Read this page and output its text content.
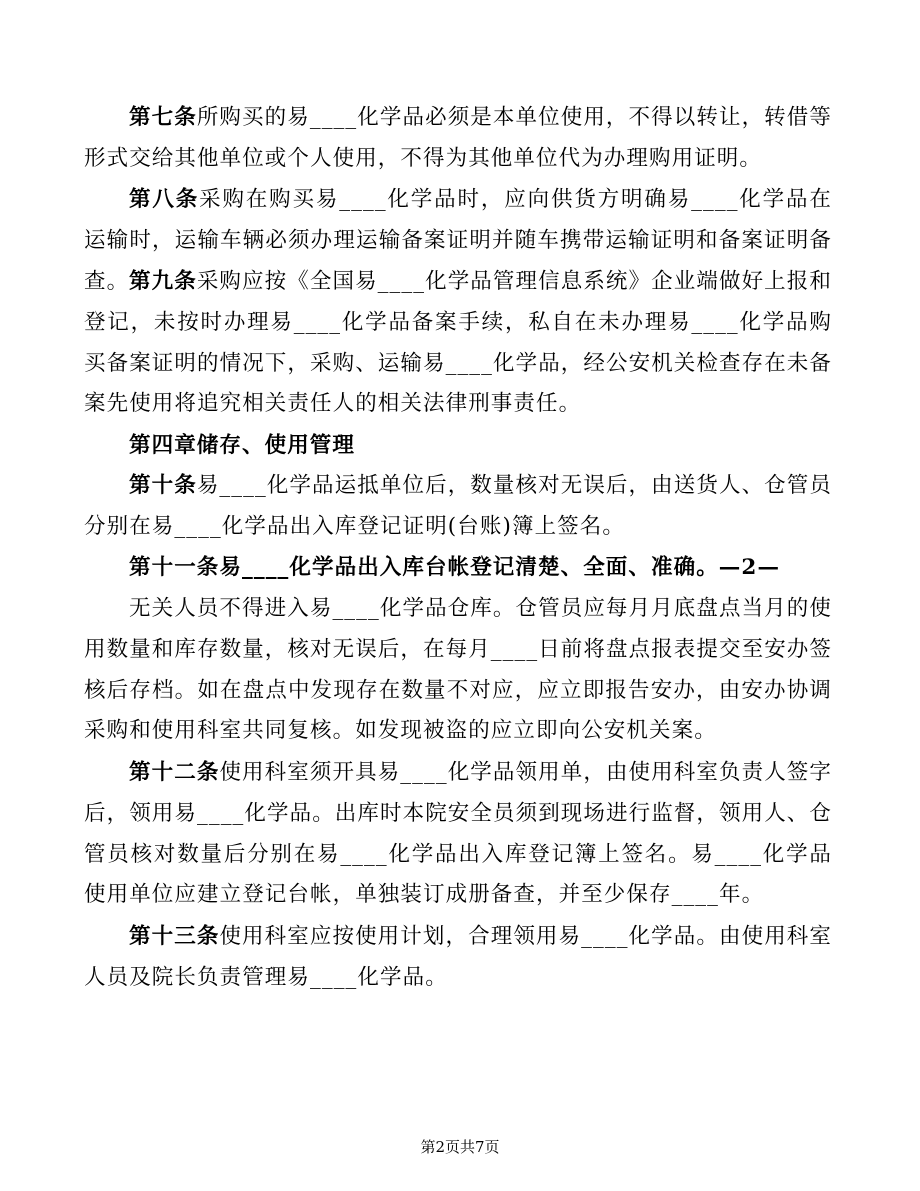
第七条所购买的易____化学品必须是本单位使用，不得以转让，转借等形式交给其他单位或个人使用，不得为其他单位代为办理购用证明。

第八条采购在购买易____化学品时，应向供货方明确易____化学品在运输时，运输车辆必须办理运输备案证明并随车携带运输证明和备案证明备查。 第九条采购应按《全国易____化学品管理信息系统》企业端做好上报和登记，未按时办理易____化学品备案手续，私自在未办理易____化学品购买备案证明的情况下，采购、运输易____化学品，经公安机关检查存在未备案先使用将追究相关责任人的相关法律刑事责任。

第四章储存、使用管理

第十条易____化学品运抵单位后，数量核对无误后，由送货人、仓管员分别在易____化学品出入库登记证明(台账)簿上签名。

第十一条易____化学品出入库台帐登记清楚、全面、准确。—2—

无关人员不得进入易____化学品仓库。仓管员应每月月底盘点当月的使用数量和库存数量，核对无误后，在每月____日前将盘点报表提交至安办签核后存档。如在盘点中发现存在数量不对应，应立即报告安办，由安办协调采购和使用科室共同复核。如发现被盗的应立即向公安机关案。

第十二条使用科室须开具易____化学品领用单，由使用科室负责人签字后，领用易____化学品。出库时本院安全员须到现场进行监督，领用人、仓管员核对数量后分别在易____化学品出入库登记簿上签名。易____化学品使用单位应建立登记台帐，单独装订成册备查，并至少保存____年。

第十三条使用科室应按使用计划，合理领用易____化学品。由使用科室人员及院长负责管理易____化学品。

第2页共7页
